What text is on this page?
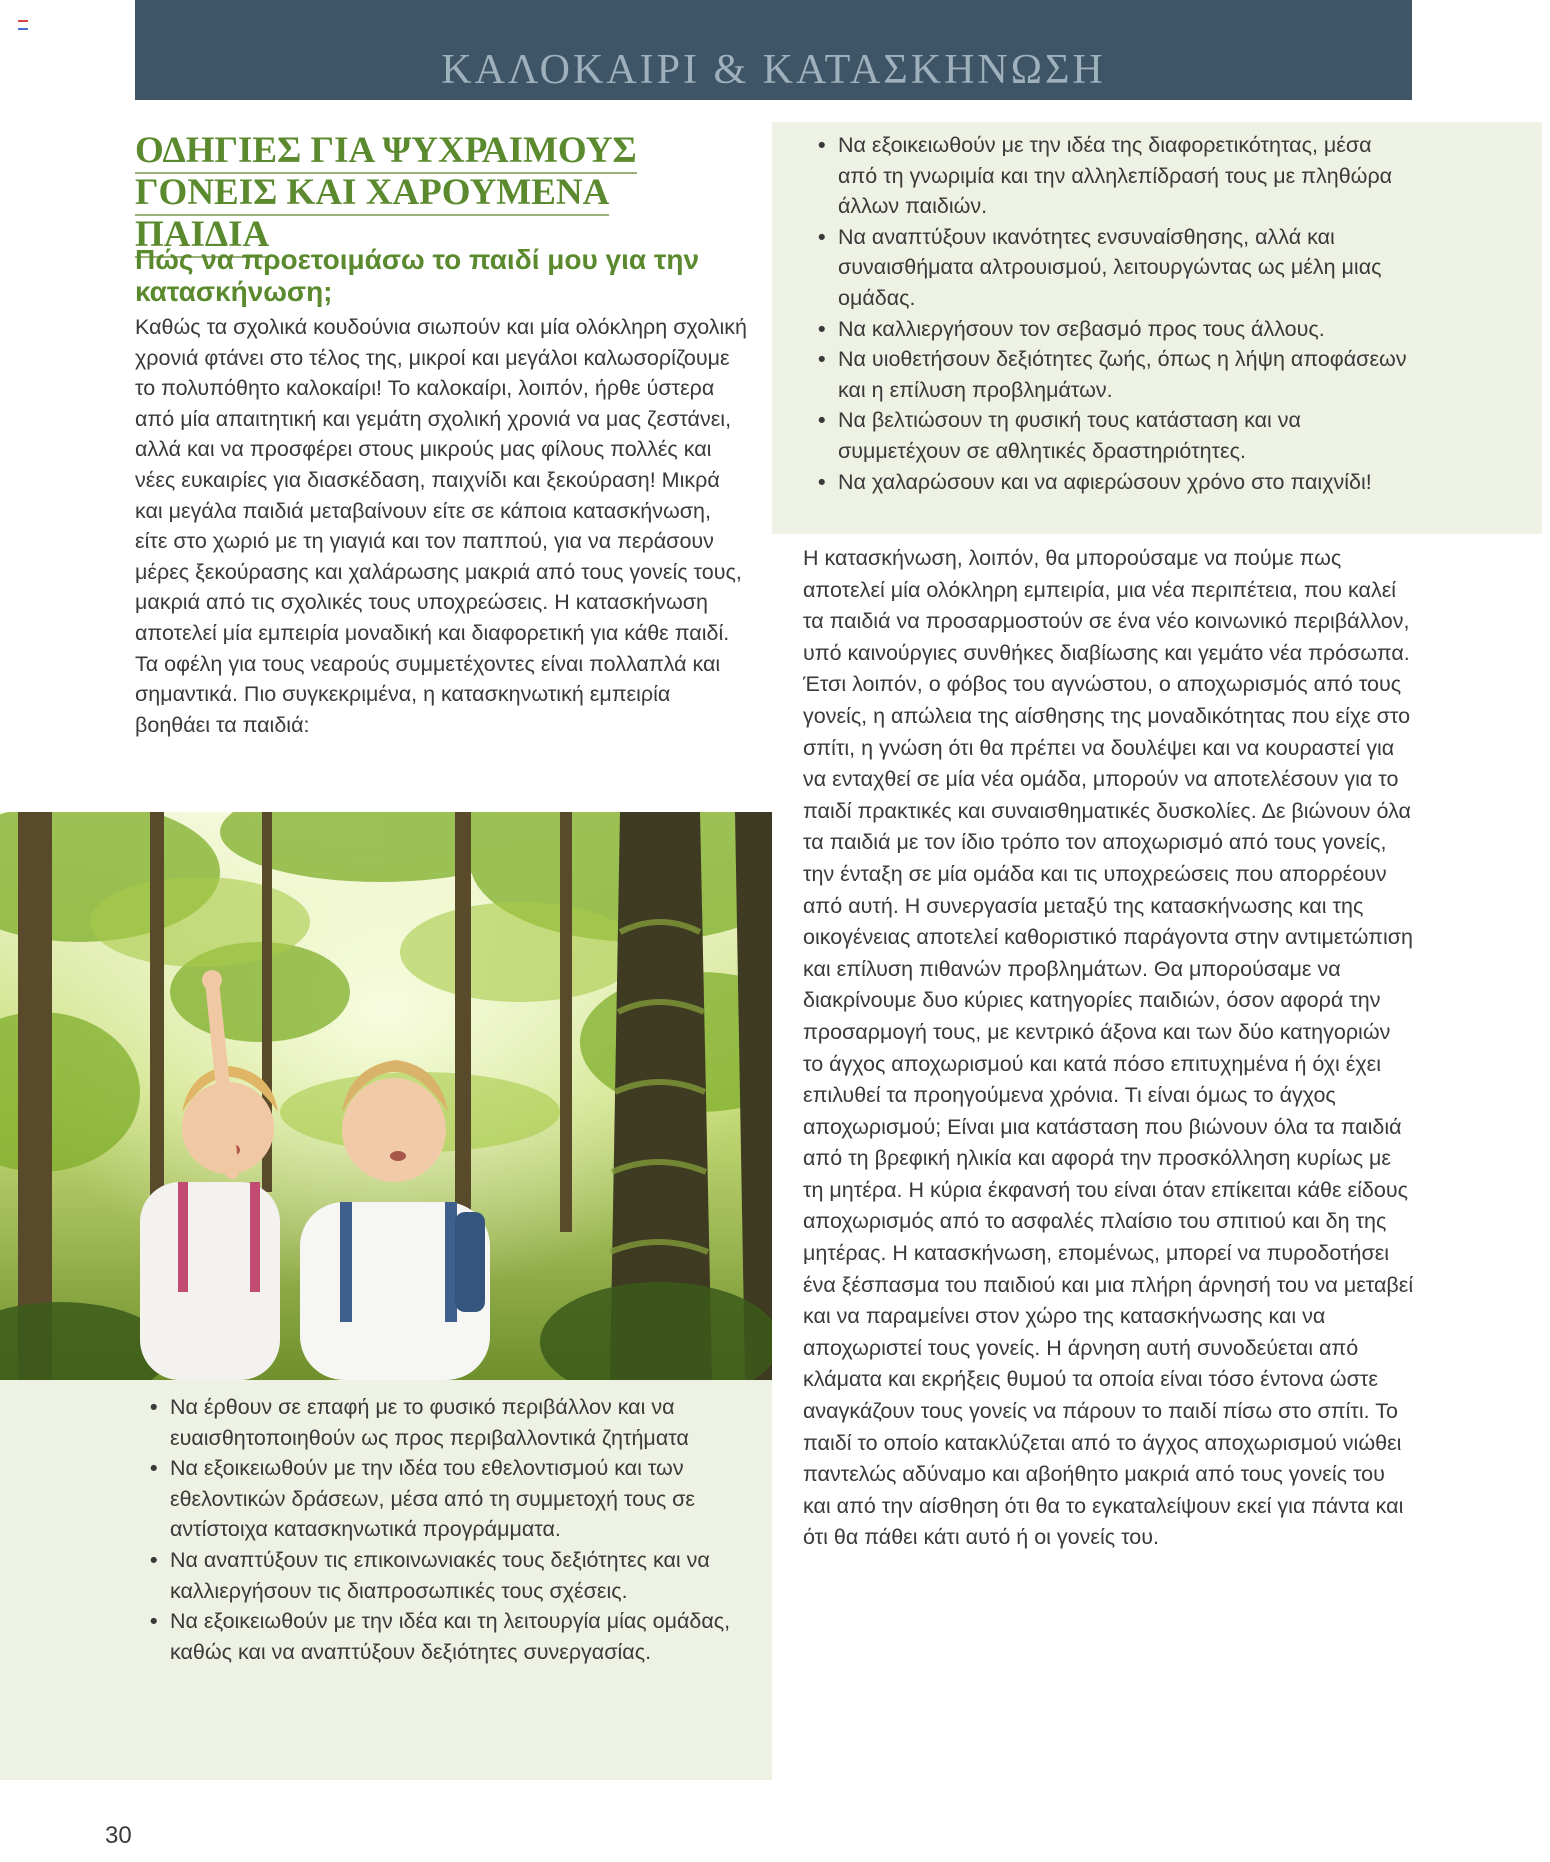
ΚΑΛΟΚΑΙΡΙ & ΚΑΤΑΣΚΗΝΩΣΗ
ΟΔΗΓΙΕΣ ΓΙΑ ΨΥΧΡΑΙΜΟΥΣ
ΓΟΝΕΙΣ ΚΑΙ ΧΑΡΟΥΜΕΝΑ
ΠΑΙΔΙΑ
Πώς να προετοιμάσω το παιδί μου για την κατασκήνωση;

Καθώς τα σχολικά κουδούνια σιωπούν και μία ολόκληρη σχολική χρονιά φτάνει στο τέλος της, μικροί και μεγάλοι καλωσορίζουμε το πολυπόθητο καλοκαίρι! Το καλοκαίρι, λοιπόν, ήρθε ύστερα από μία απαιτητική και γεμάτη σχολική χρονιά να μας ζεστάνει, αλλά και να προσφέρει στους μικρούς μας φίλους πολλές και νέες ευκαιρίες για διασκέδαση, παιχνίδι και ξεκούραση! Μικρά και μεγάλα παιδιά μεταβαίνουν είτε σε κάποια κατασκήνωση, είτε στο χωριό με τη γιαγιά και τον παππού, για να περάσουν μέρες ξεκούρασης και χαλάρωσης μακριά από τους γονείς τους, μακριά από τις σχολικές τους υποχρεώσεις. Η κατασκήνωση αποτελεί μία εμπειρία μοναδική και διαφορετική για κάθε παιδί. Τα οφέλη για τους νεαρούς συμμετέχοντες είναι πολλαπλά και σημαντικά. Πιο συγκεκριμένα, η κατασκηνωτική εμπειρία βοηθάει τα παιδιά:

• Να έρθουν σε επαφή με το φυσικό περιβάλλον και να ευαισθητοποιηθούν ως προς περιβαλλοντικά ζητήματα
• Να εξοικειωθούν με την ιδέα του εθελοντισμού και των εθελοντικών δράσεων, μέσα από τη συμμετοχή τους σε αντίστοιχα κατασκηνωτικά προγράμματα.
• Να αναπτύξουν τις επικοινωνιακές τους δεξιότητες και να καλλιεργήσουν τις διαπροσωπικές τους σχέσεις.
• Να εξοικειωθούν με την ιδέα και τη λειτουργία μίας ομάδας, καθώς και να αναπτύξουν δεξιότητες συνεργασίας.
• Να εξοικειωθούν με την ιδέα της διαφορετικότητας, μέσα από τη γνωριμία και την αλληλεπίδρασή τους με πληθώρα άλλων παιδιών.
• Να αναπτύξουν ικανότητες ενσυναίσθησης, αλλά και συναισθήματα αλτρουισμού, λειτουργώντας ως μέλη μιας ομάδας.
• Να καλλιεργήσουν τον σεβασμό προς τους άλλους.
• Να υιοθετήσουν δεξιότητες ζωής, όπως η λήψη αποφάσεων και η επίλυση προβλημάτων.
• Να βελτιώσουν τη φυσική τους κατάσταση και να συμμετέχουν σε αθλητικές δραστηριότητες.
• Να χαλαρώσουν και να αφιερώσουν χρόνο στο παιχνίδι!

Η κατασκήνωση, λοιπόν, θα μπορούσαμε να πούμε πως αποτελεί μία ολόκληρη εμπειρία, μια νέα περιπέτεια, που καλεί τα παιδιά να προσαρμοστούν σε ένα νέο κοινωνικό περιβάλλον, υπό καινούργιες συνθήκες διαβίωσης και γεμάτο νέα πρόσωπα. Έτσι λοιπόν, ο φόβος του αγνώστου, ο αποχωρισμός από τους γονείς, η απώλεια της αίσθησης της μοναδικότητας που είχε στο σπίτι, η γνώση ότι θα πρέπει να δουλέψει και να κουραστεί για να ενταχθεί σε μία νέα ομάδα, μπορούν να αποτελέσουν για το παιδί πρακτικές και συναισθηματικές δυσκολίες. Δε βιώνουν όλα τα παιδιά με τον ίδιο τρόπο τον αποχωρισμό από τους γονείς, την ένταξη σε μία ομάδα και τις υποχρεώσεις που απορρέουν από αυτή. Η συνεργασία μεταξύ της κατασκήνωσης και της οικογένειας αποτελεί καθοριστικό παράγοντα στην αντιμετώπιση και επίλυση πιθανών προβλημάτων. Θα μπορούσαμε να διακρίνουμε δυο κύριες κατηγορίες παιδιών, όσον αφορά την προσαρμογή τους, με κεντρικό άξονα και των δύο κατηγοριών το άγχος αποχωρισμού και κατά πόσο επιτυχημένα ή όχι έχει επιλυθεί τα προηγούμενα χρόνια. Τι είναι όμως το άγχος αποχωρισμού; Είναι μια κατάσταση που βιώνουν όλα τα παιδιά από τη βρεφική ηλικία και αφορά την προσκόλληση κυρίως με τη μητέρα. Η κύρια έκφανσή του είναι όταν επίκειται κάθε είδους αποχωρισμός από το ασφαλές πλαίσιο του σπιτιού και δη της μητέρας. Η κατασκήνωση, επομένως, μπορεί να πυροδοτήσει ένα ξέσπασμα του παιδιού και μια πλήρη άρνησή του να μεταβεί και να παραμείνει στον χώρο της κατασκήνωσης και να αποχωριστεί τους γονείς. Η άρνηση αυτή συνοδεύεται από κλάματα και εκρήξεις θυμού τα οποία είναι τόσο έντονα ώστε αναγκάζουν τους γονείς να πάρουν το παιδί πίσω στο σπίτι. Το παιδί το οποίο κατακλύζεται από το άγχος αποχωρισμού νιώθει παντελώς αδύναμο και αβοήθητο μακριά από τους γονείς του και από την αίσθηση ότι θα το εγκαταλείψουν εκεί για πάντα και ότι θα πάθει κάτι αυτό ή οι γονείς του.

30
